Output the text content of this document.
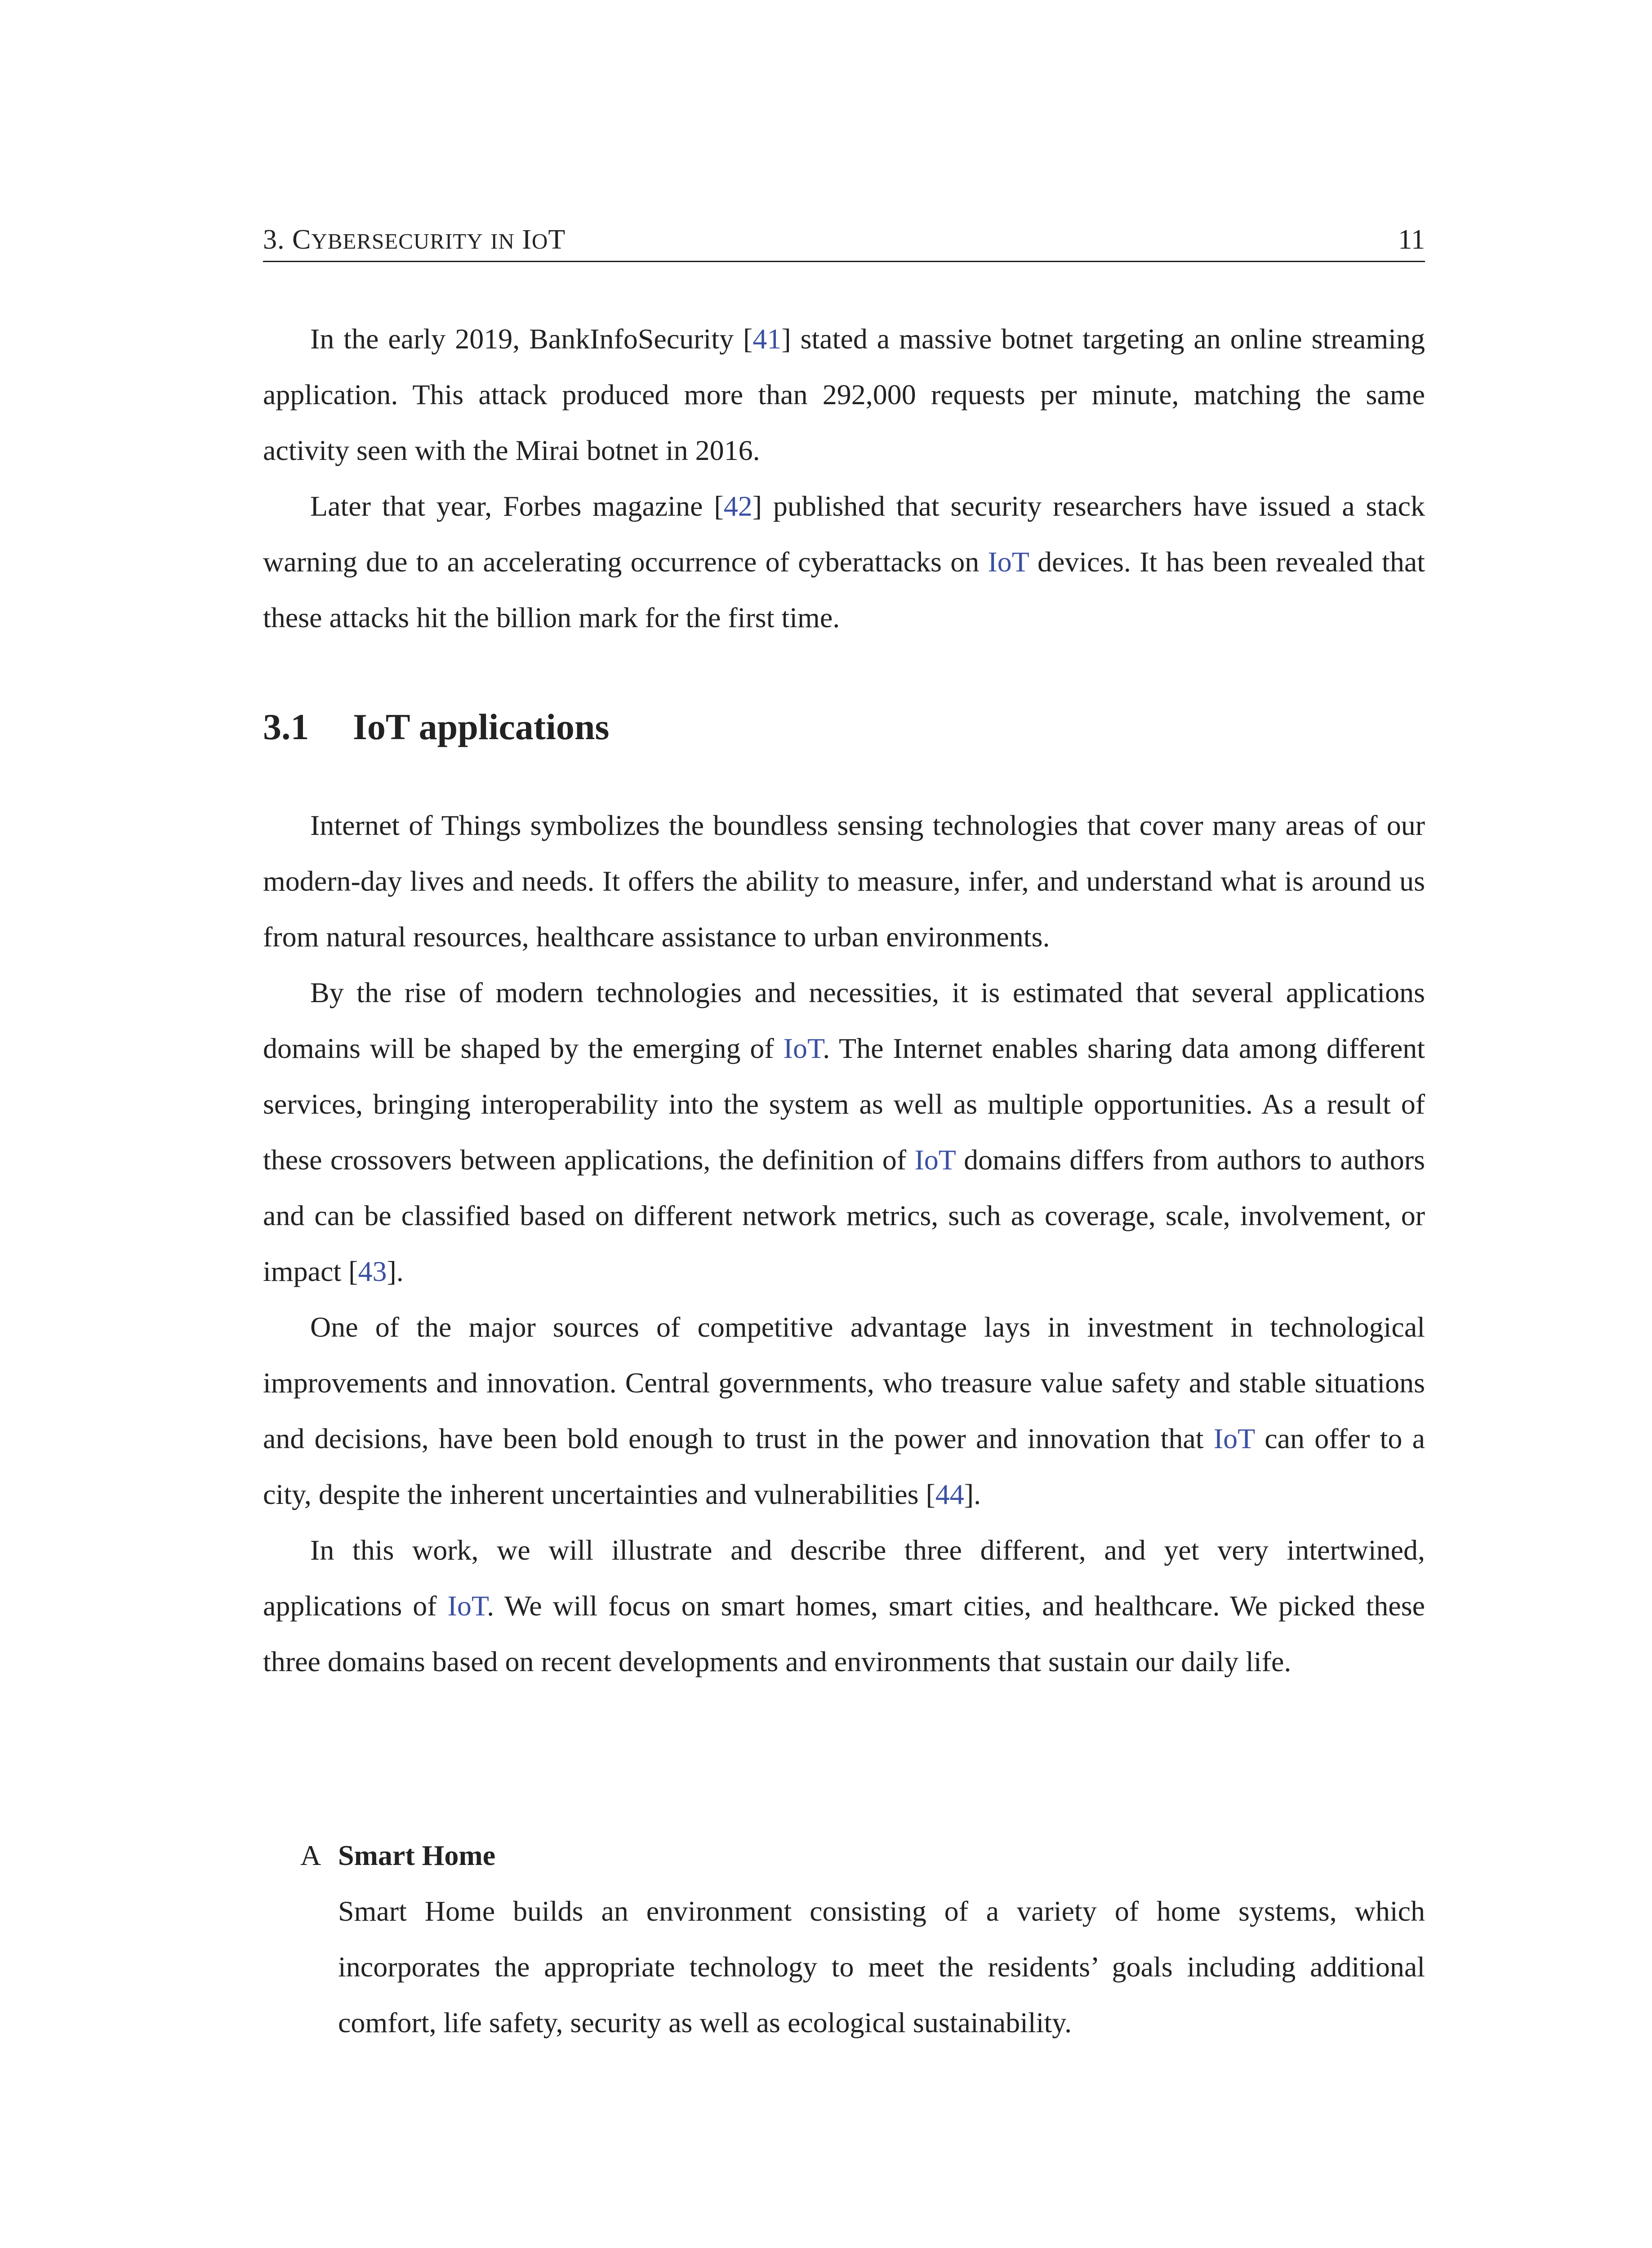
3. CYBERSECURITY IN IOT	11

In the early 2019, BankInfoSecurity [41] stated a massive botnet targeting an online streaming application. This attack produced more than 292,000 requests per minute, matching the same activity seen with the Mirai botnet in 2016.

Later that year, Forbes magazine [42] published that security researchers have issued a stack warning due to an accelerating occurrence of cyberattacks on IoT devices. It has been revealed that these attacks hit the billion mark for the first time.

3.1 IoT applications

Internet of Things symbolizes the boundless sensing technologies that cover many areas of our modern-day lives and needs. It offers the ability to measure, infer, and understand what is around us from natural resources, healthcare assistance to urban environments.

By the rise of modern technologies and necessities, it is estimated that several applications domains will be shaped by the emerging of IoT. The Internet enables sharing data among different services, bringing interoperability into the system as well as multiple opportunities. As a result of these crossovers between applications, the definition of IoT domains differs from authors to authors and can be classified based on different network metrics, such as coverage, scale, involvement, or impact [43].

One of the major sources of competitive advantage lays in investment in technological improvements and innovation. Central governments, who treasure value safety and stable situations and decisions, have been bold enough to trust in the power and innovation that IoT can offer to a city, despite the inherent uncertainties and vulnerabilities [44].

In this work, we will illustrate and describe three different, and yet very intertwined, applications of IoT. We will focus on smart homes, smart cities, and healthcare. We picked these three domains based on recent developments and environments that sustain our daily life.

A Smart Home
Smart Home builds an environment consisting of a variety of home systems, which incorporates the appropriate technology to meet the residents’ goals including additional comfort, life safety, security as well as ecological sustainability.
